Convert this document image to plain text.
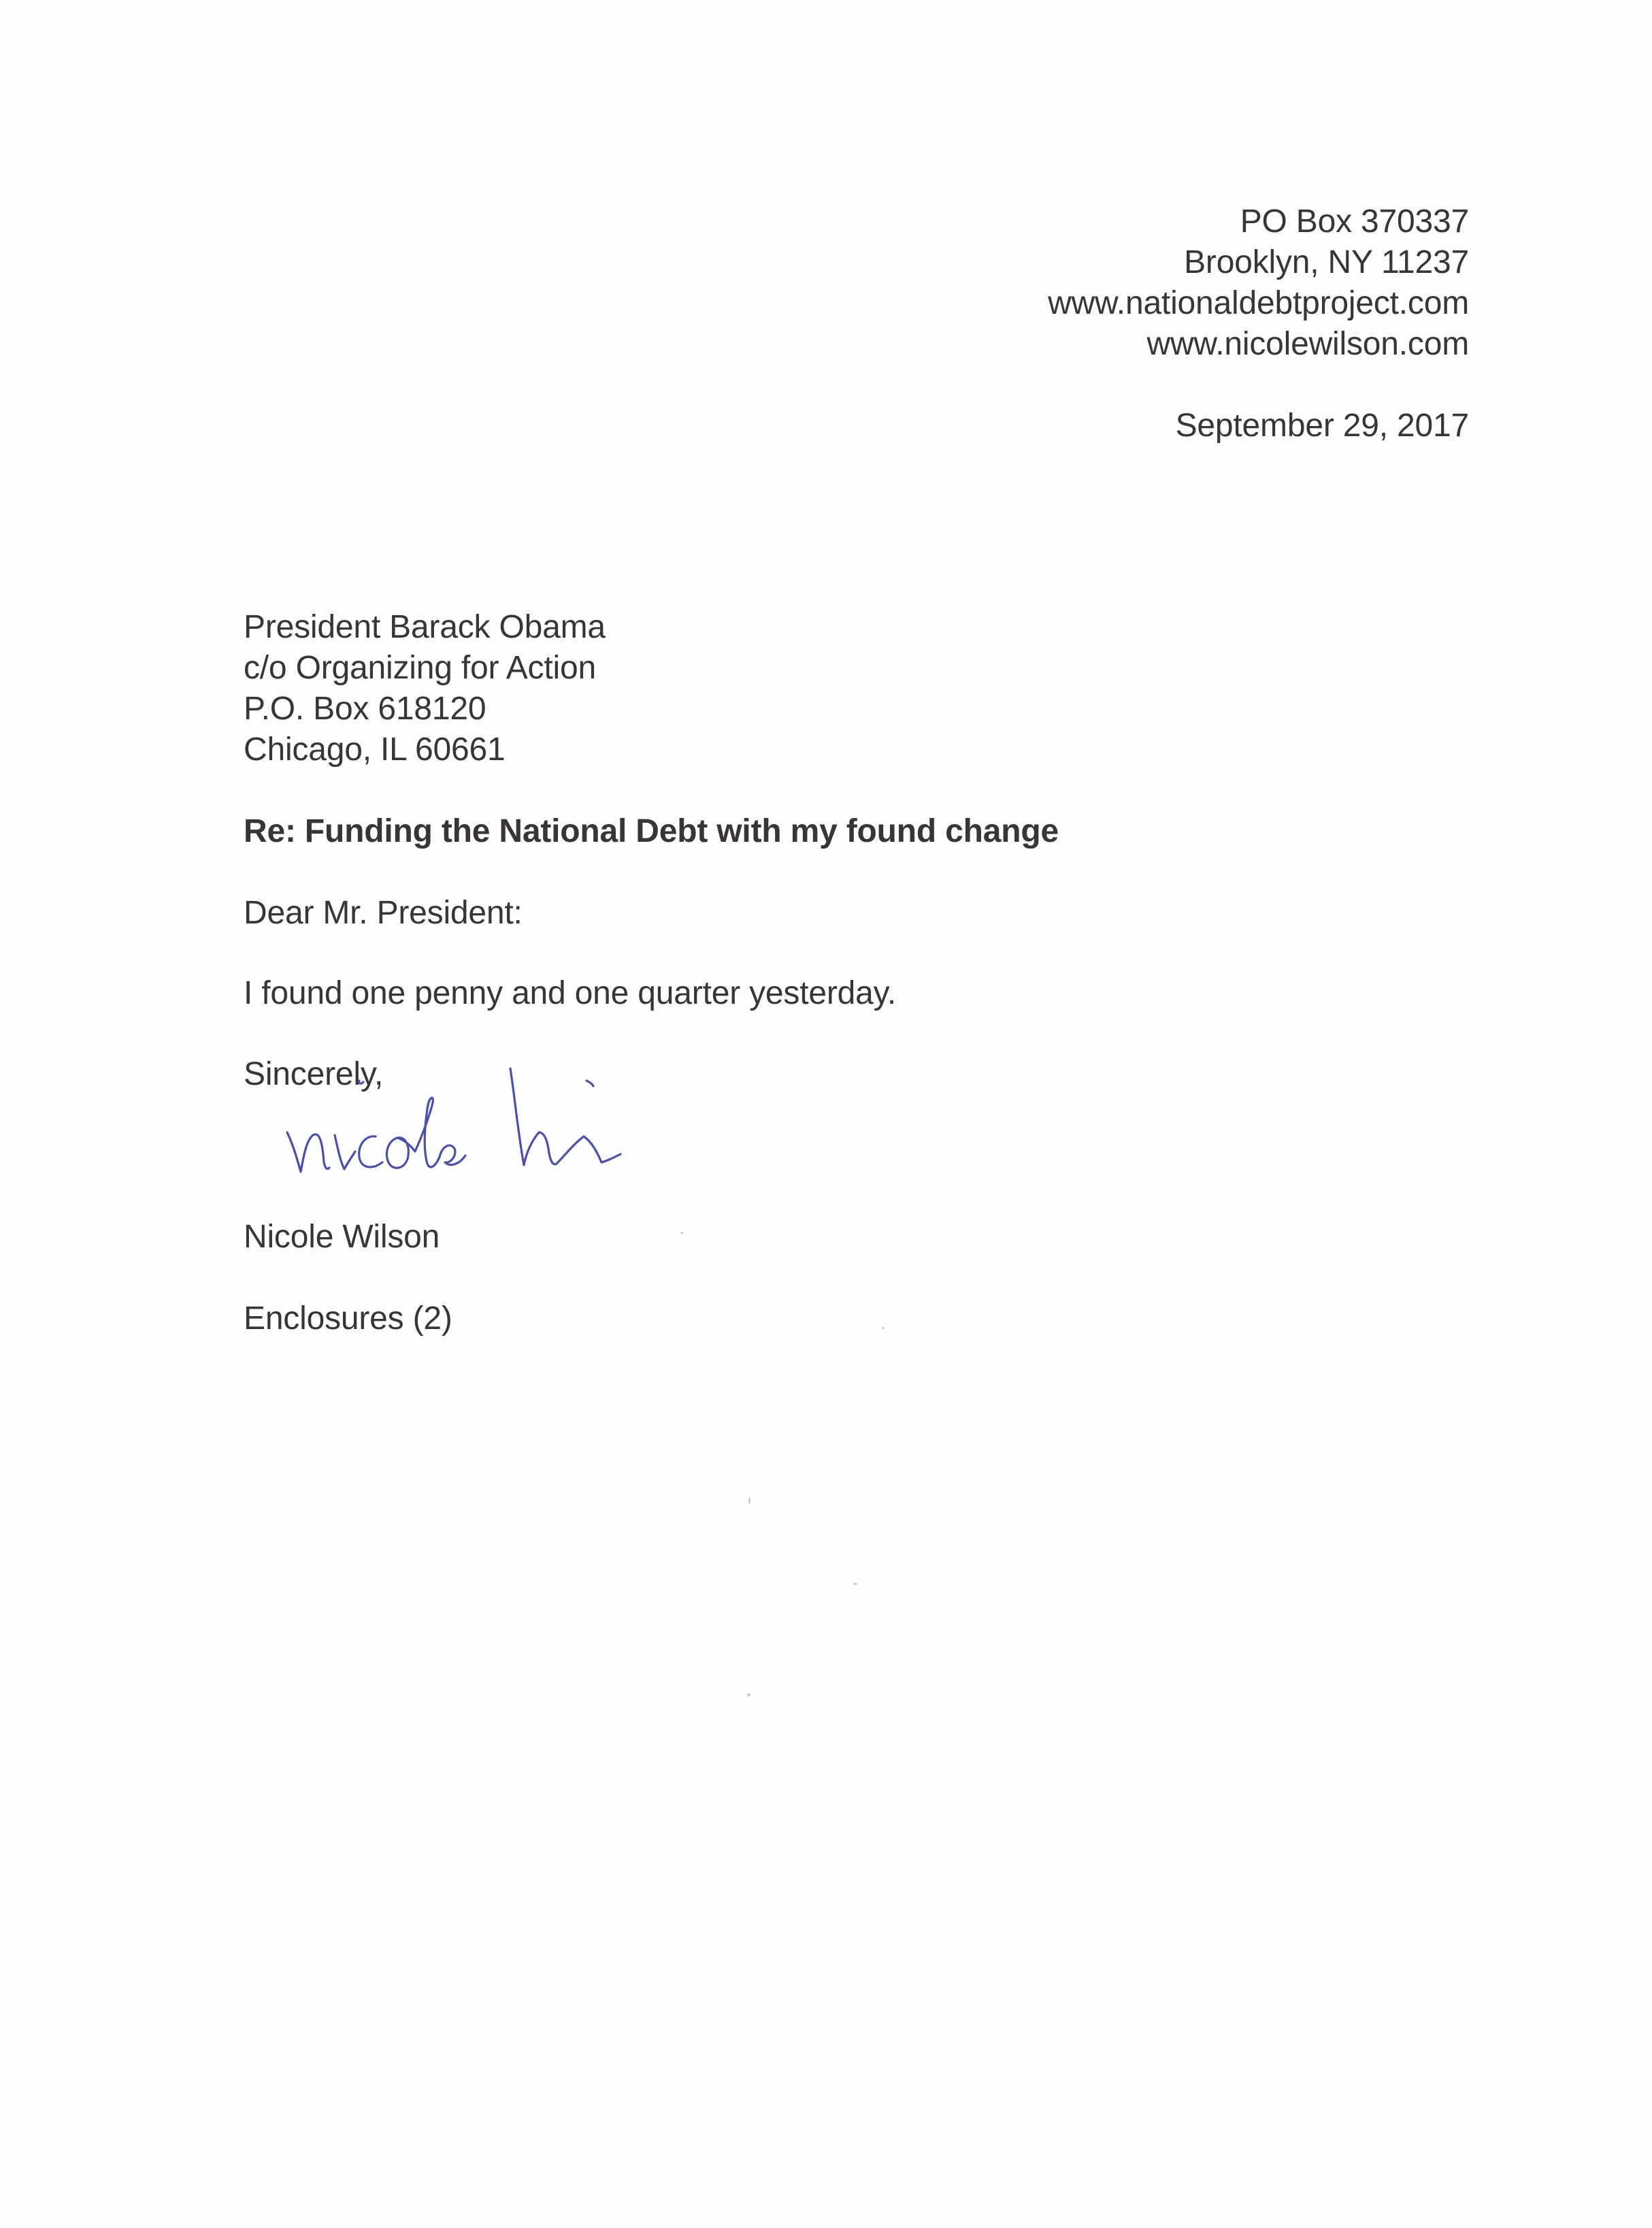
PO Box 370337
Brooklyn, NY 11237
www.nationaldebtproject.com
www.nicolewilson.com
September 29, 2017
President Barack Obama
c/o Organizing for Action
P.O. Box 618120
Chicago, IL 60661
Re: Funding the National Debt with my found change
Dear Mr. President:
I found one penny and one quarter yesterday.
Sincerely,
Nicole Wilson
Enclosures (2)
